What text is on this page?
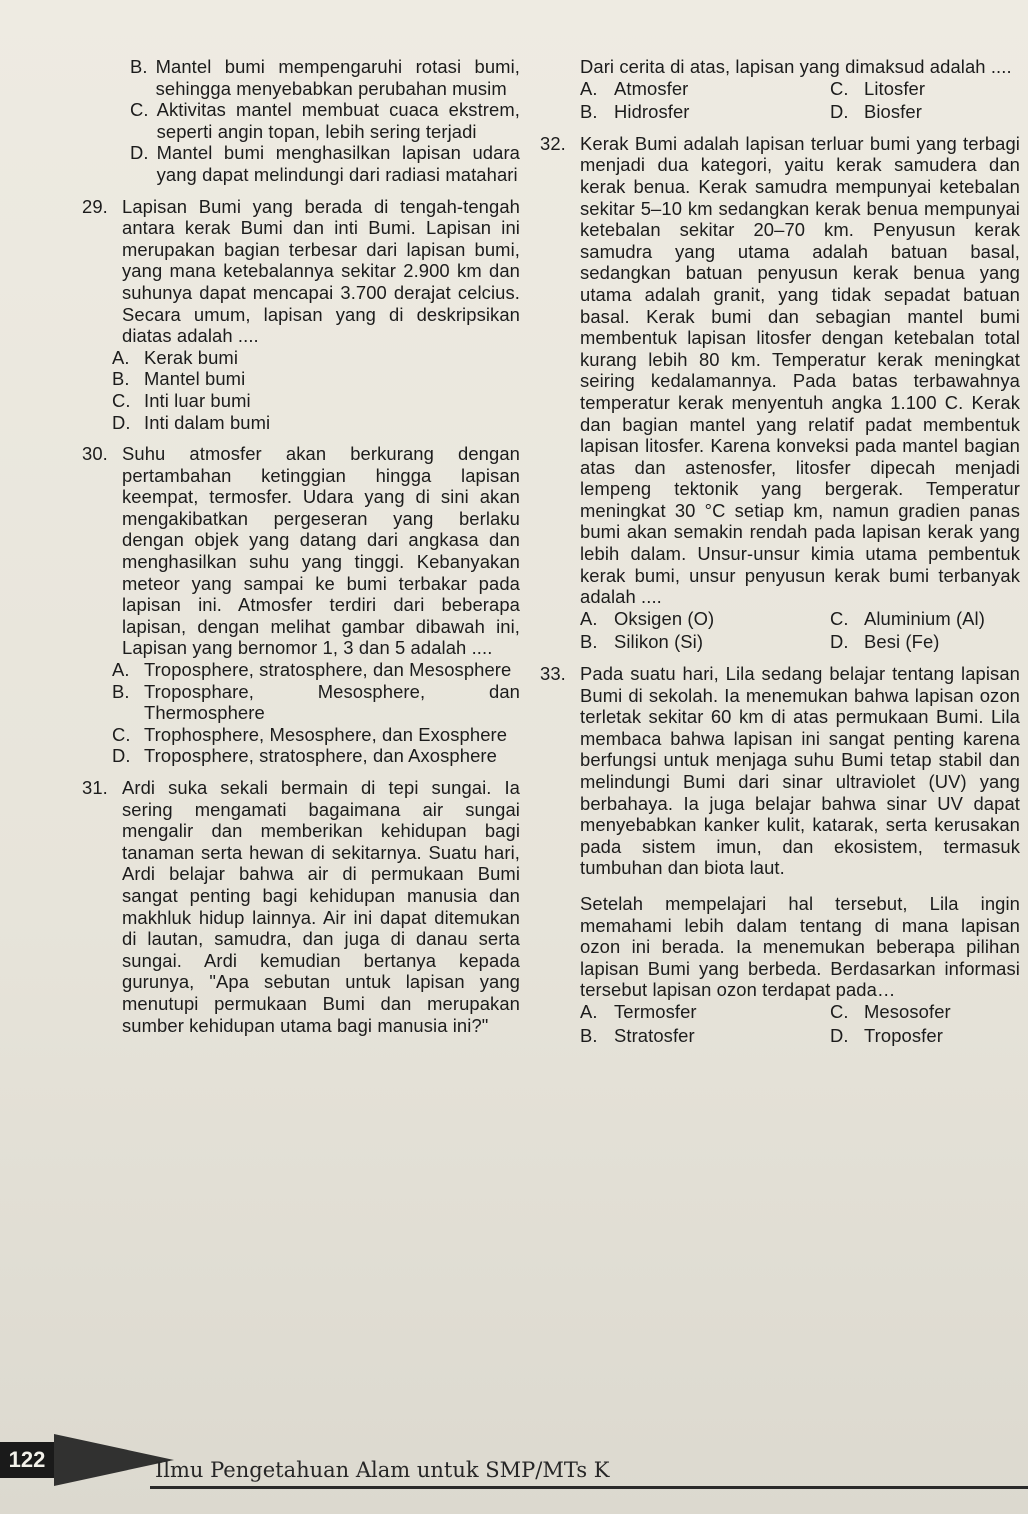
B. Mantel bumi mempengaruhi rotasi bumi, sehingga menyebabkan perubahan musim
C. Aktivitas mantel membuat cuaca ekstrem, seperti angin topan, lebih sering terjadi
D. Mantel bumi menghasilkan lapisan udara yang dapat melindungi dari radiasi matahari
29. Lapisan Bumi yang berada di tengah-tengah antara kerak Bumi dan inti Bumi. Lapisan ini merupakan bagian terbesar dari lapisan bumi, yang mana ketebalannya sekitar 2.900 km dan suhunya dapat mencapai 3.700 derajat celcius. Secara umum, lapisan yang di deskripsikan diatas adalah ....
A. Kerak bumi
B. Mantel bumi
C. Inti luar bumi
D. Inti dalam bumi
30. Suhu atmosfer akan berkurang dengan pertambahan ketinggian hingga lapisan keempat, termosfer. Udara yang di sini akan mengakibatkan pergeseran yang berlaku dengan objek yang datang dari angkasa dan menghasilkan suhu yang tinggi. Kebanyakan meteor yang sampai ke bumi terbakar pada lapisan ini. Atmosfer terdiri dari beberapa lapisan, dengan melihat gambar dibawah ini, Lapisan yang bernomor 1, 3 dan 5 adalah ....
A. Troposphere, stratosphere, dan Mesosphere
B. Troposphare, Mesosphere, dan Thermosphere
C. Trophosphere, Mesosphere, dan Exosphere
D. Troposphere, stratosphere, dan Axosphere
31. Ardi suka sekali bermain di tepi sungai. Ia sering mengamati bagaimana air sungai mengalir dan memberikan kehidupan bagi tanaman serta hewan di sekitarnya. Suatu hari, Ardi belajar bahwa air di permukaan Bumi sangat penting bagi kehidupan manusia dan makhluk hidup lainnya. Air ini dapat ditemukan di lautan, samudra, dan juga di danau serta sungai. Ardi kemudian bertanya kepada gurunya, "Apa sebutan untuk lapisan yang menutupi permukaan Bumi dan merupakan sumber kehidupan utama bagi manusia ini?"
Dari cerita di atas, lapisan yang dimaksud adalah ....
A. Atmosfer	C. Litosfer
B. Hidrosfer	D. Biosfer
32. Kerak Bumi adalah lapisan terluar bumi yang terbagi menjadi dua kategori, yaitu kerak samudera dan kerak benua. Kerak samudra mempunyai ketebalan sekitar 5–10 km sedangkan kerak benua mempunyai ketebalan sekitar 20–70 km. Penyusun kerak samudra yang utama adalah batuan basal, sedangkan batuan penyusun kerak benua yang utama adalah granit, yang tidak sepadat batuan basal. Kerak bumi dan sebagian mantel bumi membentuk lapisan litosfer dengan ketebalan total kurang lebih 80 km. Temperatur kerak meningkat seiring kedalamannya. Pada batas terbawahnya temperatur kerak menyentuh angka 1.100 C. Kerak dan bagian mantel yang relatif padat membentuk lapisan litosfer. Karena konveksi pada mantel bagian atas dan astenosfer, litosfer dipecah menjadi lempeng tektonik yang bergerak. Temperatur meningkat 30 °C setiap km, namun gradien panas bumi akan semakin rendah pada lapisan kerak yang lebih dalam. Unsur-unsur kimia utama pembentuk kerak bumi, unsur penyusun kerak bumi terbanyak adalah ....
A. Oksigen (O)	C. Aluminium (Al)
B. Silikon (Si)	D. Besi (Fe)
33. Pada suatu hari, Lila sedang belajar tentang lapisan Bumi di sekolah. Ia menemukan bahwa lapisan ozon terletak sekitar 60 km di atas permukaan Bumi. Lila membaca bahwa lapisan ini sangat penting karena berfungsi untuk menjaga suhu Bumi tetap stabil dan melindungi Bumi dari sinar ultraviolet (UV) yang berbahaya. Ia juga belajar bahwa sinar UV dapat menyebabkan kanker kulit, katarak, serta kerusakan pada sistem imun, dan ekosistem, termasuk tumbuhan dan biota laut.
Setelah mempelajari hal tersebut, Lila ingin memahami lebih dalam tentang di mana lapisan ozon ini berada. Ia menemukan beberapa pilihan lapisan Bumi yang berbeda. Berdasarkan informasi tersebut lapisan ozon terdapat pada…
A. Termosfer	C. Mesosofer
B. Stratosfer	D. Troposfer
122	Ilmu Pengetahuan Alam untuk SMP/MTs K
